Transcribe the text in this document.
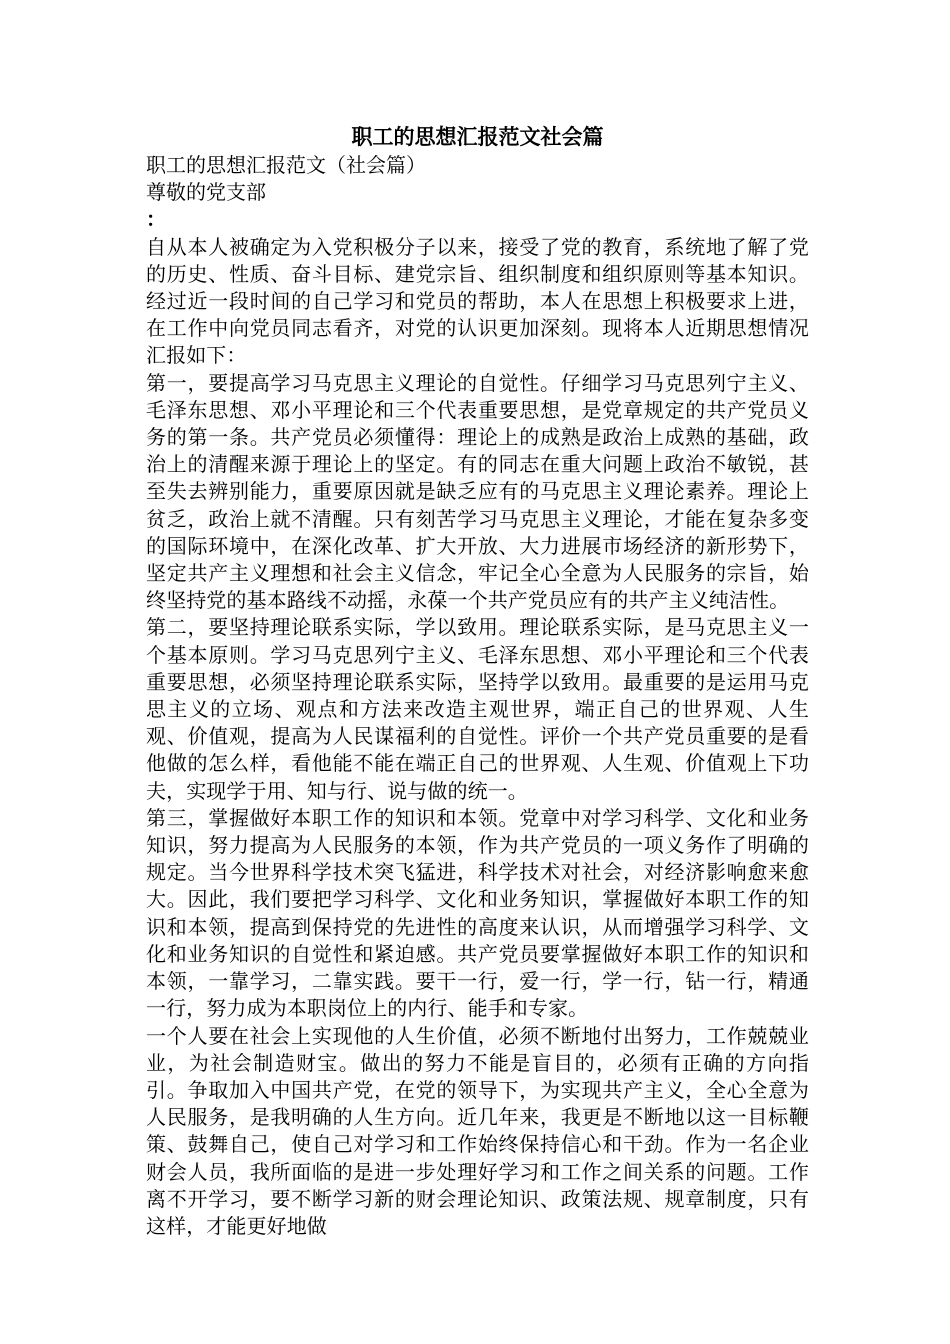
职工的思想汇报范文社会篇

职工的思想汇报范文（社会篇）

尊敬的党支部

：

自从本人被确定为入党积极分子以来，接受了党的教育，系统地了解了党的历史、性质、奋斗目标、建党宗旨、组织制度和组织原则等基本知识。经过近一段时间的自己学习和党员的帮助，本人在思想上积极要求上进，在工作中向党员同志看齐，对党的认识更加深刻。现将本人近期思想情况汇报如下：

第一，要提高学习马克思主义理论的自觉性。仔细学习马克思列宁主义、毛泽东思想、邓小平理论和三个代表重要思想，是党章规定的共产党员义务的第一条。共产党员必须懂得：理论上的成熟是政治上成熟的基础，政治上的清醒来源于理论上的坚定。有的同志在重大问题上政治不敏锐，甚至失去辨别能力，重要原因就是缺乏应有的马克思主义理论素养。理论上贫乏，政治上就不清醒。只有刻苦学习马克思主义理论，才能在复杂多变的国际环境中，在深化改革、扩大开放、大力进展市场经济的新形势下，坚定共产主义理想和社会主义信念，牢记全心全意为人民服务的宗旨，始终坚持党的基本路线不动摇，永葆一个共产党员应有的共产主义纯洁性。

第二，要坚持理论联系实际，学以致用。理论联系实际，是马克思主义一个基本原则。学习马克思列宁主义、毛泽东思想、邓小平理论和三个代表重要思想，必须坚持理论联系实际，坚持学以致用。最重要的是运用马克思主义的立场、观点和方法来改造主观世界，端正自己的世界观、人生观、价值观，提高为人民谋福利的自觉性。评价一个共产党员重要的是看他做的怎么样，看他能不能在端正自己的世界观、人生观、价值观上下功夫，实现学于用、知与行、说与做的统一。

第三，掌握做好本职工作的知识和本领。党章中对学习科学、文化和业务知识，努力提高为人民服务的本领，作为共产党员的一项义务作了明确的规定。当今世界科学技术突飞猛进，科学技术对社会，对经济影响愈来愈大。因此，我们要把学习科学、文化和业务知识，掌握做好本职工作的知识和本领，提高到保持党的先进性的高度来认识，从而增强学习科学、文化和业务知识的自觉性和紧迫感。共产党员要掌握做好本职工作的知识和本领，一靠学习，二靠实践。要干一行，爱一行，学一行，钻一行，精通一行，努力成为本职岗位上的内行、能手和专家。

一个人要在社会上实现他的人生价值，必须不断地付出努力，工作兢兢业业，为社会制造财宝。做出的努力不能是盲目的，必须有正确的方向指引。争取加入中国共产党，在党的领导下，为实现共产主义，全心全意为人民服务，是我明确的人生方向。近几年来，我更是不断地以这一目标鞭策、鼓舞自己，使自己对学习和工作始终保持信心和干劲。作为一名企业财会人员，我所面临的是进一步处理好学习和工作之间关系的问题。工作离不开学习，要不断学习新的财会理论知识、政策法规、规章制度，只有这样，才能更好地做
